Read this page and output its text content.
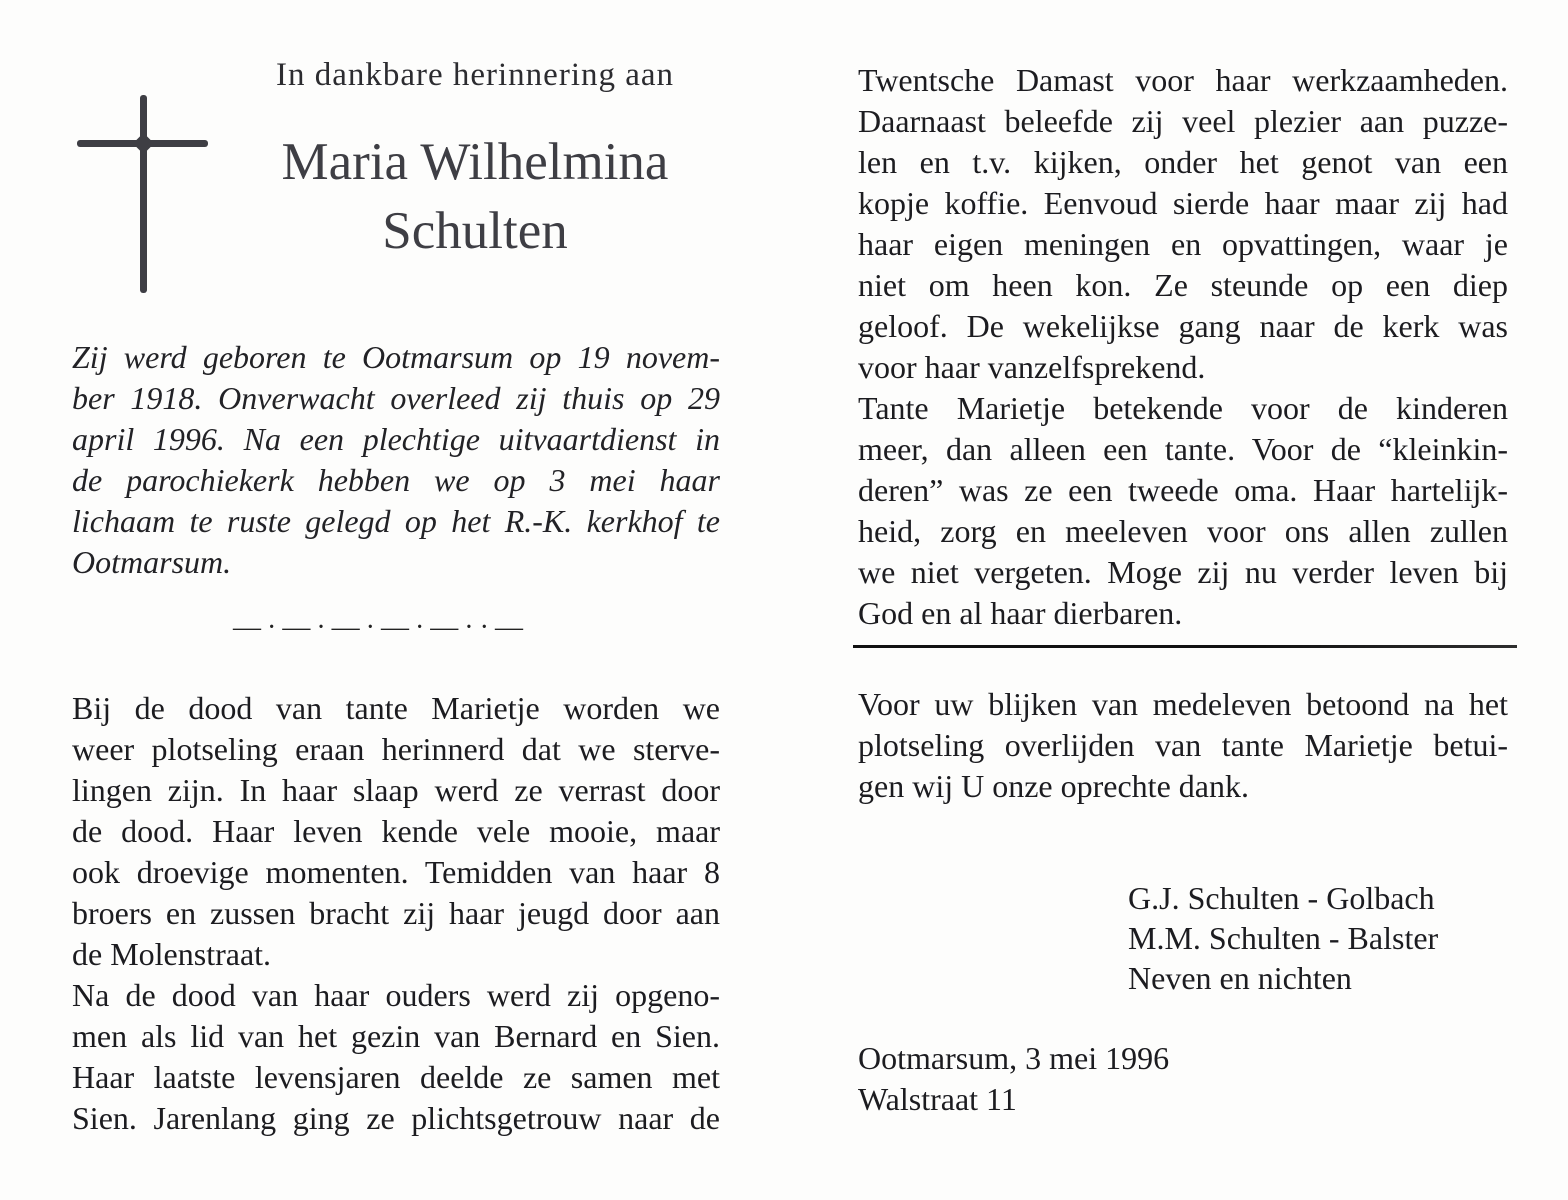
In dankbare herinnering aan
Maria Wilhelmina
Schulten
Zij werd geboren te Ootmarsum op 19 novem-
ber 1918. Onverwacht overleed zij thuis op 29
april 1996. Na een plechtige uitvaartdienst in
de parochiekerk hebben we op 3 mei haar
lichaam te ruste gelegd op het R.-K. kerkhof te
Ootmarsum.
—·—·—·—·—··—
Bij de dood van tante Marietje worden we
weer plotseling eraan herinnerd dat we sterve-
lingen zijn. In haar slaap werd ze verrast door
de dood. Haar leven kende vele mooie, maar
ook droevige momenten. Temidden van haar 8
broers en zussen bracht zij haar jeugd door aan
de Molenstraat.
Na de dood van haar ouders werd zij opgeno-
men als lid van het gezin van Bernard en Sien.
Haar laatste levensjaren deelde ze samen met
Sien. Jarenlang ging ze plichtsgetrouw naar de
Twentsche Damast voor haar werkzaamheden.
Daarnaast beleefde zij veel plezier aan puzze-
len en t.v. kijken, onder het genot van een
kopje koffie. Eenvoud sierde haar maar zij had
haar eigen meningen en opvattingen, waar je
niet om heen kon. Ze steunde op een diep
geloof. De wekelijkse gang naar de kerk was
voor haar vanzelfsprekend.
Tante Marietje betekende voor de kinderen
meer, dan alleen een tante. Voor de “kleinkin-
deren” was ze een tweede oma. Haar hartelijk-
heid, zorg en meeleven voor ons allen zullen
we niet vergeten. Moge zij nu verder leven bij
God en al haar dierbaren.
Voor uw blijken van medeleven betoond na het
plotseling overlijden van tante Marietje betui-
gen wij U onze oprechte dank.
G.J. Schulten - Golbach
M.M. Schulten - Balster
Neven en nichten
Ootmarsum, 3 mei 1996
Walstraat 11
